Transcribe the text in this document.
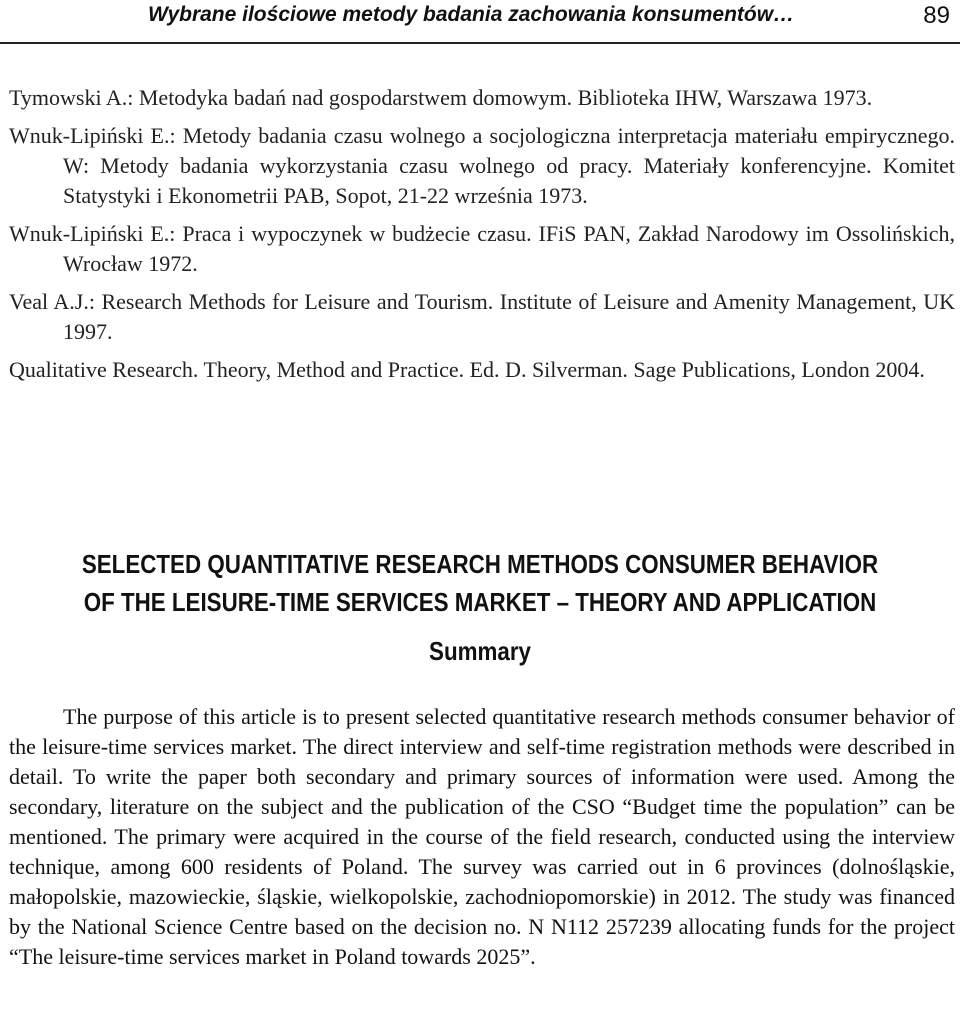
Wybrane ilościowe metody badania zachowania konsumentów…	89

Tymowski A.: Metodyka badań nad gospodarstwem domowym. Biblioteka IHW, Warszawa 1973.

Wnuk-Lipiński E.: Metody badania czasu wolnego a socjologiczna interpretacja materiału empirycznego. W: Metody badania wykorzystania czasu wolnego od pracy. Materiały konferencyjne. Komitet Statystyki i Ekonometrii PAB, Sopot, 21-22 września 1973.

Wnuk-Lipiński E.: Praca i wypoczynek w budżecie czasu. IFiS PAN, Zakład Narodowy im Ossolińskich, Wrocław 1972.

Veal A.J.: Research Methods for Leisure and Tourism. Institute of Leisure and Amenity Management, UK 1997.

Qualitative Research. Theory, Method and Practice. Ed. D. Silverman. Sage Publications, London 2004.

SELECTED QUANTITATIVE RESEARCH METHODS CONSUMER BEHAVIOR
OF THE LEISURE-TIME SERVICES MARKET – THEORY AND APPLICATION
Summary

The purpose of this article is to present selected quantitative research methods consumer behavior of the leisure-time services market. The direct interview and self-time registration methods were described in detail. To write the paper both secondary and primary sources of information were used. Among the secondary, literature on the subject and the publication of the CSO “Budget time the population” can be mentioned. The primary were acquired in the course of the field research, conducted using the interview technique, among 600 residents of Poland. The survey was carried out in 6 provinces (dolnośląskie, małopolskie, mazowieckie, śląskie, wielkopolskie, zachodniopomorskie) in 2012. The study was financed by the National Science Centre based on the decision no. N N112 257239 allocating funds for the project “The leisure-time services market in Poland towards 2025”.
